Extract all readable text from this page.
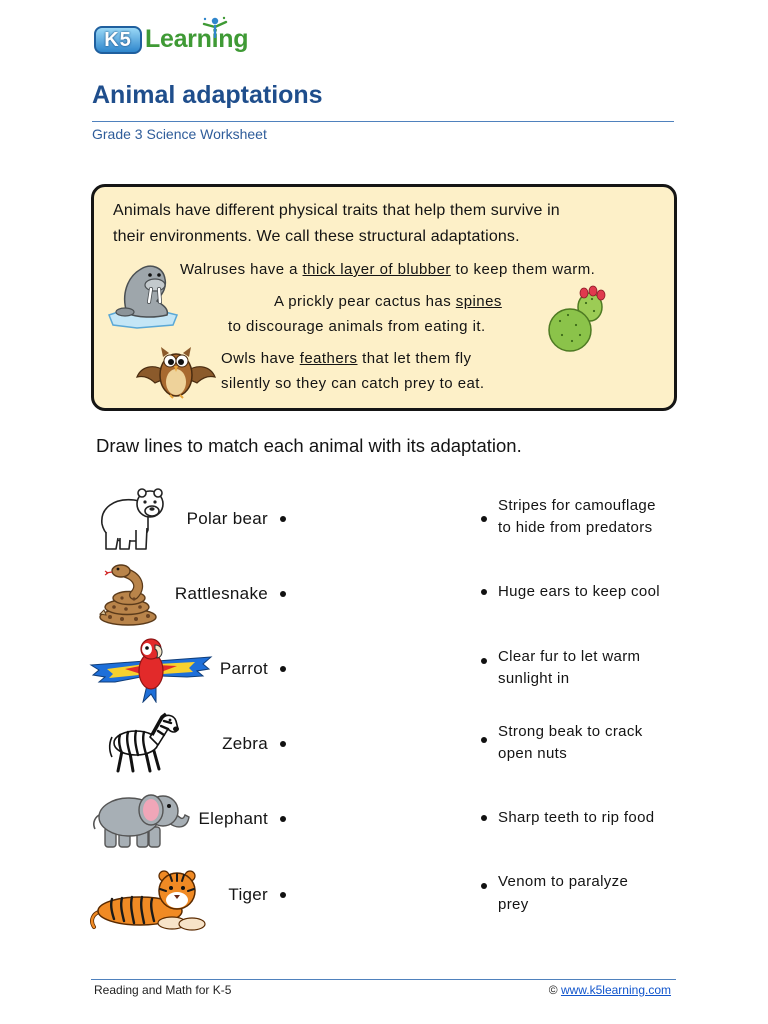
K5 Learning
Animal adaptations
Grade 3 Science Worksheet
Animals have different physical traits that help them survive in
their environments. We call these structural adaptations.
Walruses have a thick layer of blubber to keep them warm.
A prickly pear cactus has spines
to discourage animals from eating it.
Owls have feathers that let them fly
silently so they can catch prey to eat.
Draw lines to match each animal with its adaptation.
Polar bear
Rattlesnake
Parrot
Zebra
Elephant
Tiger
Stripes for camouflage
to hide from predators
Huge ears to keep cool
Clear fur to let warm
sunlight in
Strong beak to crack
open nuts
Sharp teeth to rip food
Venom to paralyze
prey
Reading and Math for K-5	© www.k5learning.com
